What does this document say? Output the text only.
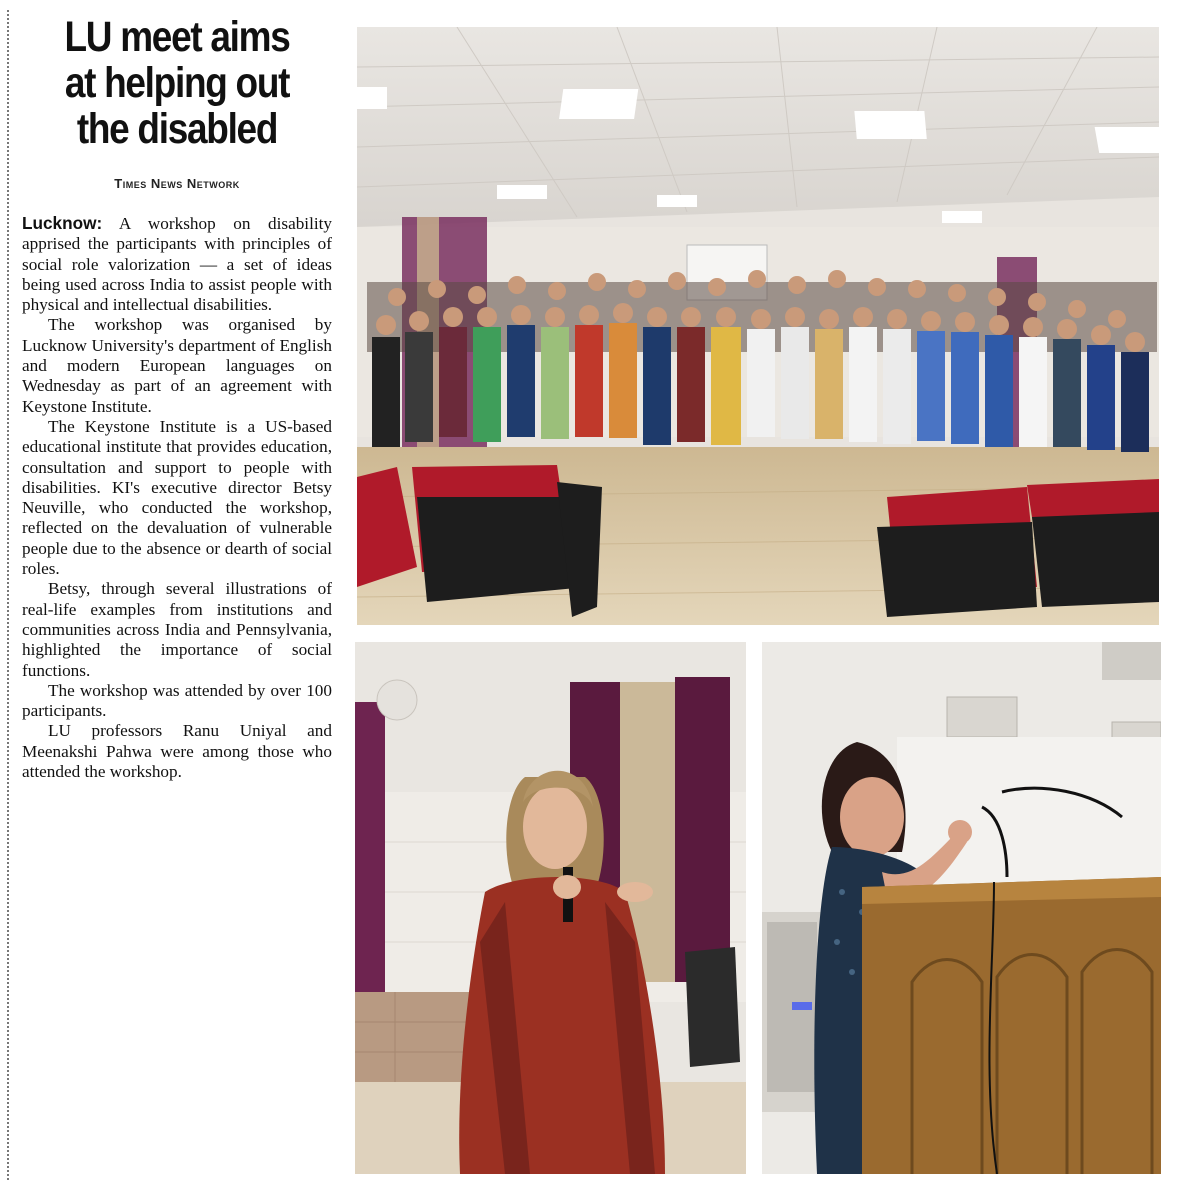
LU meet aims
at helping out
the disabled
Times News Network

Lucknow: A workshop on disability apprised the participants with principles of social role valorization — a set of ideas being used across India to assist people with physical and intellectual disabilities.

The workshop was organised by Lucknow University's department of English and modern European languages on Wednesday as part of an agreement with Keystone Institute.

The Keystone Institute is a US-based educational institute that provides education, consultation and support to people with disabilities. KI's executive director Betsy Neuville, who conducted the workshop, reflected on the devaluation of vulnerable people due to the absence or dearth of social roles.

Betsy, through several illustrations of real-life examples from institutions and communities across India and Pennsylvania, highlighted the importance of social functions.

The workshop was attended by over 100 participants.

LU professors Ranu Uniyal and Meenakshi Pahwa were among those who attended the workshop.
